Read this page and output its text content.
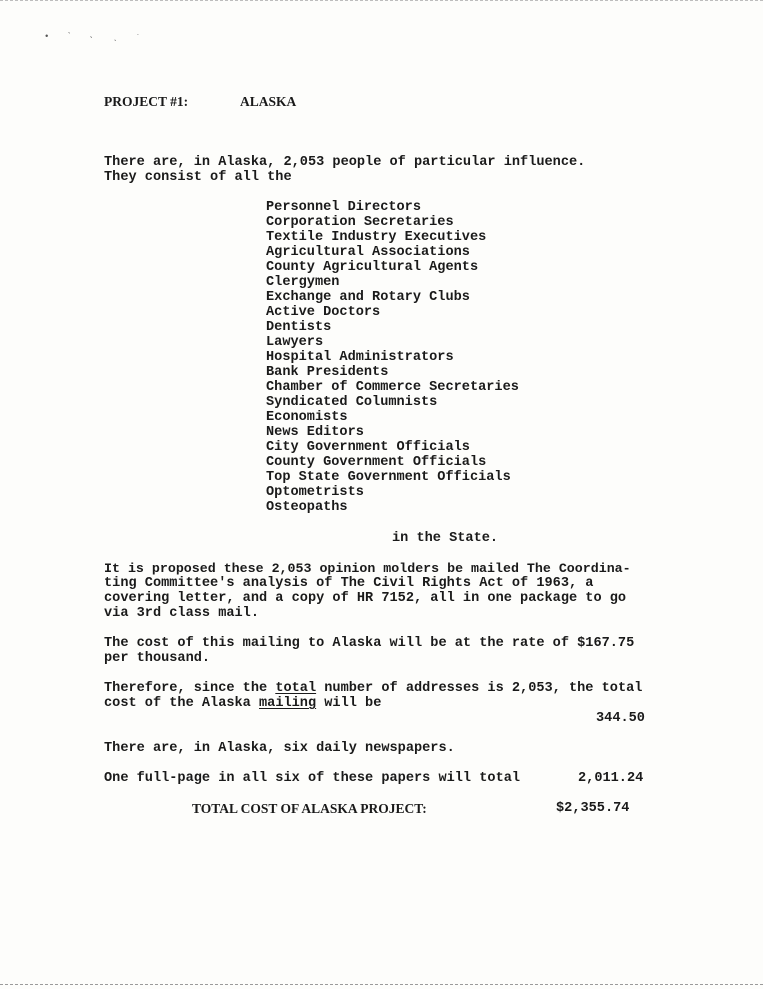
• ˋ ˴ ˎ ˑ
PROJECT #1:	ALASKA
There are, in Alaska, 2,053 people of particular influence.
They consist of all the
Personnel Directors
Corporation Secretaries
Textile Industry Executives
Agricultural Associations
County Agricultural Agents
Clergymen
Exchange and Rotary Clubs
Active Doctors
Dentists
Lawyers
Hospital Administrators
Bank Presidents
Chamber of Commerce Secretaries
Syndicated Columnists
Economists
News Editors
City Government Officials
County Government Officials
Top State Government Officials
Optometrists
Osteopaths
in the State.
It is proposed these 2,053 opinion molders be mailed The Coordina-
ting Committee's analysis of The Civil Rights Act of 1963, a
covering letter, and a copy of HR 7152, all in one package to go
via 3rd class mail.
The cost of this mailing to Alaska will be at the rate of $167.75
per thousand.
Therefore, since the total number of addresses is 2,053, the total
cost of the Alaska mailing will be
344.50
There are, in Alaska, six daily newspapers.
One full-page in all six of these papers will total	2,011.24
TOTAL COST OF ALASKA PROJECT:	$2,355.74
